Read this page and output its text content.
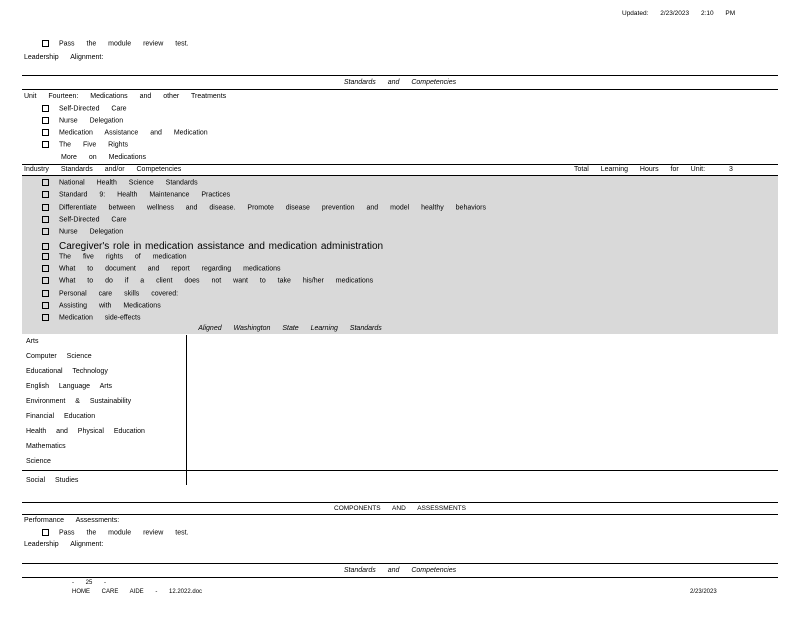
Updated: 2/23/2023 2:10 PM
Pass the module review test.
Leadership Alignment:
Standards and Competencies
Unit Fourteen: Medications and other Treatments
Self-Directed Care
Nurse Delegation
Medication Assistance and Medication
The Five Rights
More on Medications
Industry Standards and/or Competencies	Total Learning Hours for Unit:	3
National Health Science Standards
Standard 9: Health Maintenance Practices
Differentiate between wellness and disease. Promote disease prevention and model healthy behaviors
Self-Directed Care
Nurse Delegation
Caregiver's role in medication assistance and medication administration
The five rights of medication
What to document and report regarding medications
What to do if a client does not want to take his/her medications
Personal care skills covered:
Assisting with Medications
Medication side-effects
Aligned Washington State Learning Standards
Arts
Computer Science
Educational Technology
English Language Arts
Environment & Sustainability
Financial Education
Health and Physical Education
Mathematics
Science
Social Studies
COMPONENTS AND ASSESSMENTS
Performance Assessments:
Pass the module review test.
Leadership Alignment:
Standards and Competencies
- 25 -
HOME CARE AIDE - 12.2022.doc	2/23/2023
